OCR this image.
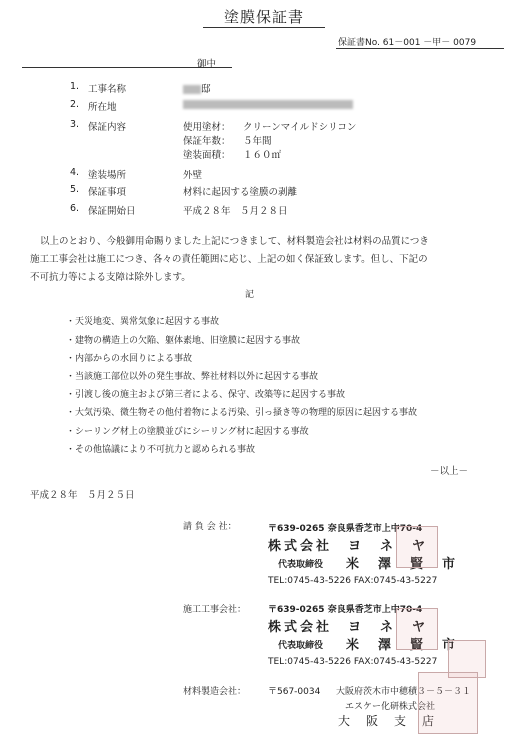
塗膜保証書
保証書No. 61－001 －甲－ 0079
御中
1. 工事名称	邸
2. 所在地
3. 保証内容	使用塗材： クリーンマイルドシリコン
保証年数： ５年間
塗装面積： １６０㎡
4. 塗装場所	外壁
5. 保証事項	材料に起因する塗膜の剥離
6. 保証開始日	平成２８年　５月２８日
以上のとおり、今般御用命賜りました上記につきまして、材料製造会社は材料の品質につき
施工工事会社は施工につき、各々の責任範囲に応じ、上記の如く保証致します。但し、下記の
不可抗力等による支障は除外します。
記
・天災地変、異常気象に起因する事故
・建物の構造上の欠陥、躯体素地、旧塗膜に起因する事故
・内部からの水回りによる事故
・当該施工部位以外の発生事故、弊社材料以外に起因する事故
・引渡し後の施主および第三者による、保守、改築等に起因する事故
・大気汚染、微生物その他付着物による汚染、引っ掻き等の物理的原因に起因する事故
・シーリング材上の塗膜並びにシーリング材に起因する事故
・その他協議により不可抗力と認められる事故
－以上－
平成２８年　５月２５日
請 負 会 社：	〒639-0265 奈良県香芝市上中70-4
株式会社　ヨ　ネ　ヤ
代表取締役 米　澤　賢　市
TEL:0745-43-5226 FAX:0745-43-5227
施工工事会社： 〒639-0265 奈良県香芝市上中70-4
株式会社　ヨ　ネ　ヤ
代表取締役 米　澤　賢　市
TEL:0745-43-5226 FAX:0745-43-5227
材料製造会社： 〒567-0034 大阪府茨木市中穂積３－５－３１
エスケー化研株式会社
大　阪　支　店
